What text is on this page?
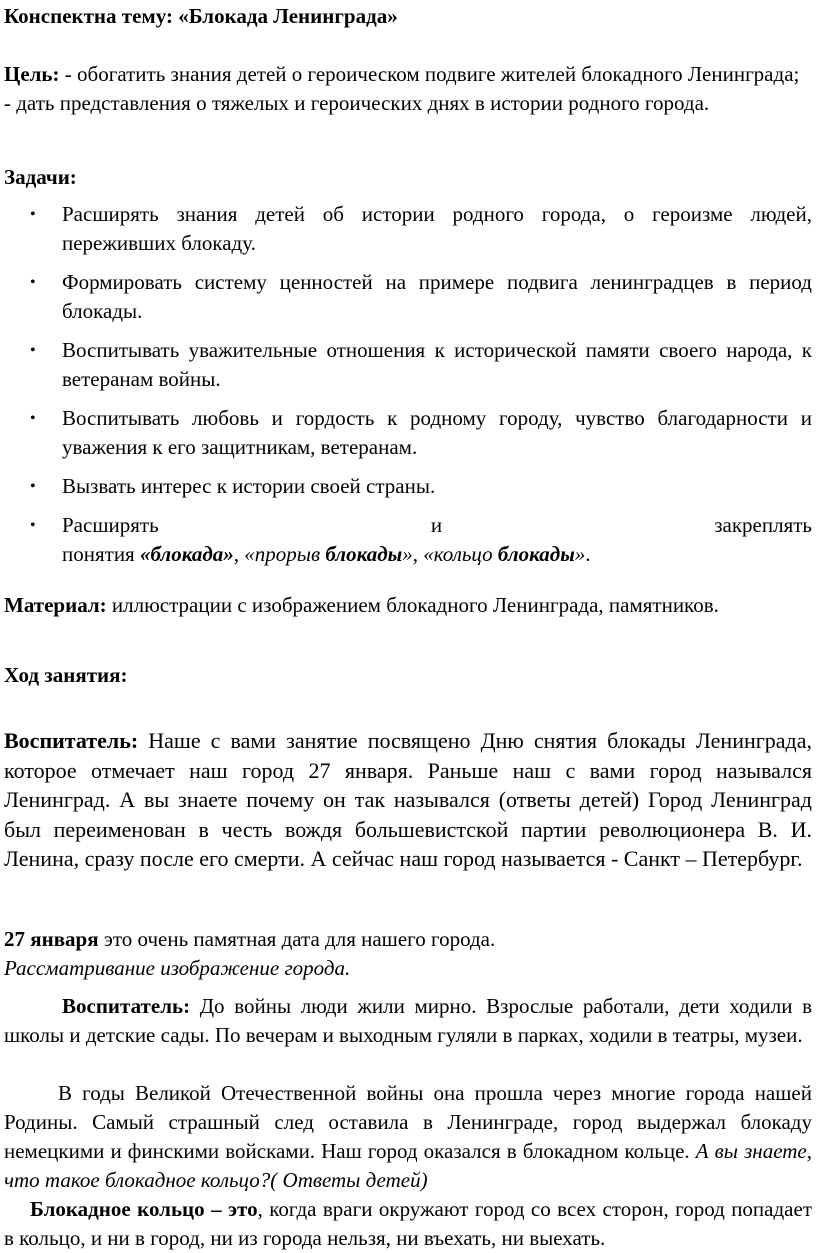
Конспектна тему: «Блокада Ленинграда»

Цель: - обогатить знания детей о героическом подвиге жителей блокадного Ленинграда;
- дать представления о тяжелых и героических днях в истории родного города.

Задачи:
• Расширять знания детей об истории родного города, о героизме людей, переживших блокаду.
• Формировать систему ценностей на примере подвига ленинградцев в период блокады.
• Воспитывать уважительные отношения к исторической памяти своего народа, к ветеранам войны.
• Воспитывать любовь и гордость к родному городу, чувство благодарности и уважения к его защитникам, ветеранам.
• Вызвать интерес к истории своей страны.
• Расширять	и	закреплять
понятия «блокада», «прорыв блокады», «кольцо блокады».

Материал: иллюстрации с изображением блокадного Ленинграда, памятников.

Ход занятия:

Воспитатель: Наше с вами занятие посвящено Дню снятия блокады Ленинграда, которое отмечает наш город 27 января. Раньше наш с вами город назывался Ленинград. А вы знаете почему он так назывался (ответы детей) Город Ленинград был переименован в честь вождя большевистской партии революционера В. И. Ленина, сразу после его смерти. А сейчас наш город называется - Санкт – Петербург.

27 января это очень памятная дата для нашего города.
Рассматривание изображение города.

Воспитатель: До войны люди жили мирно. Взрослые работали, дети ходили в школы и детские сады. По вечерам и выходным гуляли в парках, ходили в театры, музеи.

В годы Великой Отечественной войны она прошла через многие города нашей Родины. Самый страшный след оставила в Ленинграде, город выдержал блокаду немецкими и финскими войсками. Наш город оказался в блокадном кольце. А вы знаете, что такое блокадное кольцо?( Ответы детей)

Блокадное кольцо – это, когда враги окружают город со всех сторон, город попадает в кольцо, и ни в город, ни из города нельзя, ни въехать, ни выехать.
